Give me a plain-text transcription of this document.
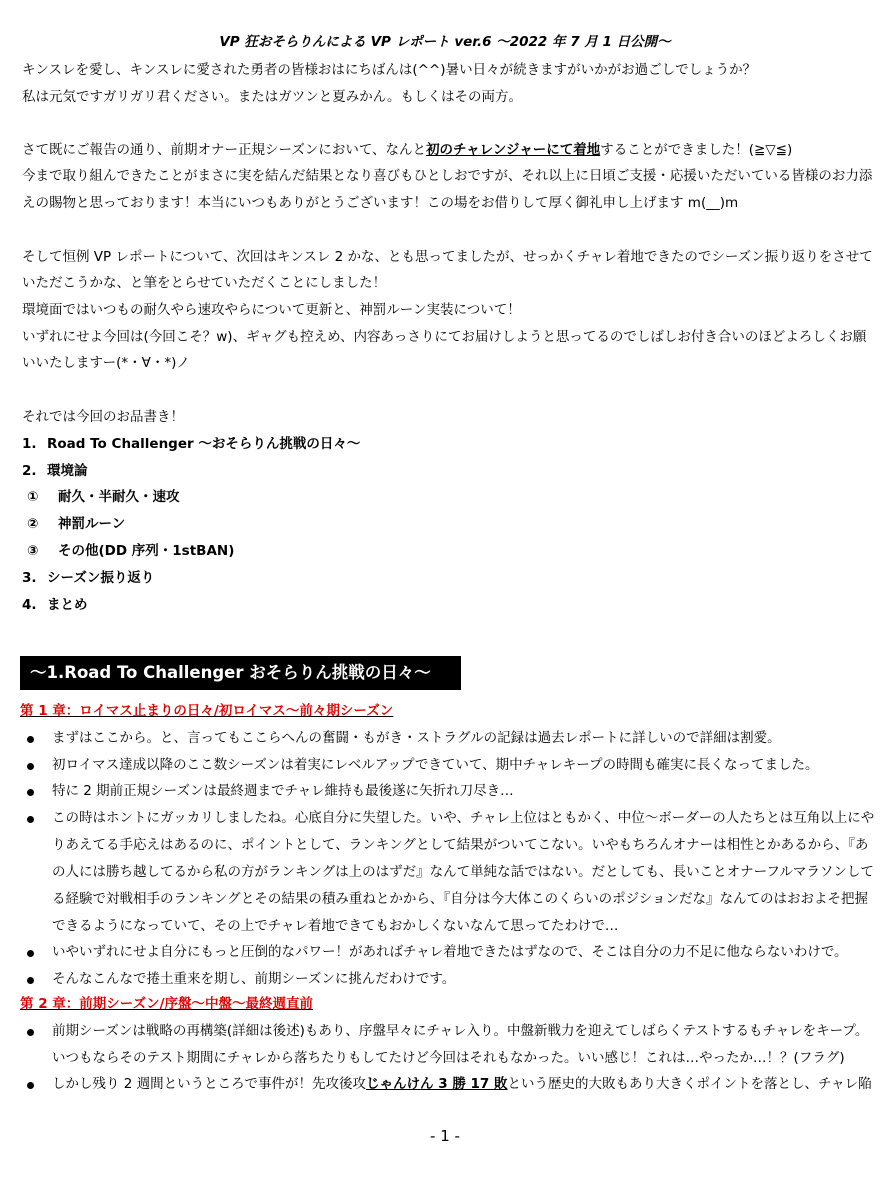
VP 狂おそらりんによる VP レポート ver.6 ～2022 年 7 月 1 日公開～
キンスレを愛し、キンスレに愛された勇者の皆様おはにちばんは(^^)暑い日々が続きますがいかがお過ごしでしょうか？
私は元気ですガリガリ君ください。またはガツンと夏みかん。もしくはその両方。
さて既にご報告の通り、前期オナー正規シーズンにおいて、なんと初のチャレンジャーにて着地することができました！(≧▽≦)
今まで取り組んできたことがまさに実を結んだ結果となり喜びもひとしおですが、それ以上に日頃ご支援・応援いただいている皆様のお力添
えの賜物と思っております！本当にいつもありがとうございます！この場をお借りして厚く御礼申し上げます m(__)m
そして恒例 VP レポートについて、次回はキンスレ 2 かな、とも思ってましたが、せっかくチャレ着地できたのでシーズン振り返りをさせて
いただこうかな、と筆をとらせていただくことにしました！
環境面ではいつもの耐久やら速攻やらについて更新と、神罰ルーン実装について！
いずれにせよ今回は(今回こそ？w)、ギャグも控えめ、内容あっさりにてお届けしようと思ってるのでしばしお付き合いのほどよろしくお願
いいたしますー(*・∀・*)ノ
それでは今回のお品書き！
1. Road To Challenger ～おそらりん挑戦の日々～
2. 環境論
① 耐久・半耐久・速攻
② 神罰ルーン
③ その他(DD 序列・1stBAN)
3. シーズン振り返り
4. まとめ
～1.Road To Challenger おそらりん挑戦の日々～
第 1 章：ロイマス止まりの日々/初ロイマス～前々期シーズン
まずはここから。と、言ってもここらへんの奮闘・もがき・ストラグルの記録は過去レポートに詳しいので詳細は割愛。
初ロイマス達成以降のここ数シーズンは着実にレベルアップできていて、期中チャレキープの時間も確実に長くなってました。
特に 2 期前正規シーズンは最終週までチャレ維持も最後遂に矢折れ刀尽き…
この時はホントにガッカリしましたね。心底自分に失望した。いや、チャレ上位はともかく、中位～ボーダーの人たちとは互角以上にや
りあえてる手応えはあるのに、ポイントとして、ランキングとして結果がついてこない。いやもちろんオナーは相性とかあるから、『あ
の人には勝ち越してるから私の方がランキングは上のはずだ』なんて単純な話ではない。だとしても、長いことオナーフルマラソンして
る経験で対戦相手のランキングとその結果の積み重ねとかから、『自分は今大体このくらいのポジションだな』なんてのはおおよそ把握
できるようになっていて、その上でチャレ着地できてもおかしくないなんて思ってたわけで…
いやいずれにせよ自分にもっと圧倒的なパワー！があればチャレ着地できたはずなので、そこは自分の力不足に他ならないわけで。
そんなこんなで捲土重来を期し、前期シーズンに挑んだわけです。
第 2 章：前期シーズン/序盤～中盤～最終週直前
前期シーズンは戦略の再構築(詳細は後述)もあり、序盤早々にチャレ入り。中盤新戦力を迎えてしばらくテストするもチャレをキープ。
いつもならそのテスト期間にチャレから落ちたりもしてたけど今回はそれもなかった。いい感じ！これは…やったか…！？(フラグ)
しかし残り 2 週間というところで事件が！先攻後攻じゃんけん 3 勝 17 敗という歴史的大敗もあり大きくポイントを落とし、チャレ陥
- 1 -
